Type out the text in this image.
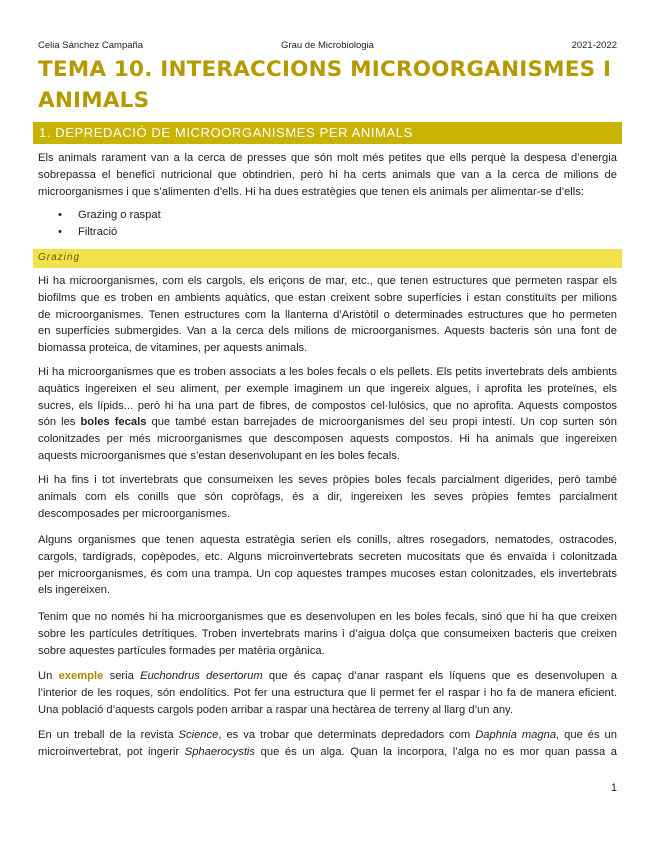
Celia Sánchez Campaña	Grau de Microbiologia	2021-2022
TEMA 10. INTERACCIONS MICROORGANISMES I
ANIMALS
1. DEPREDACIÓ DE MICROORGANISMES PER ANIMALS

Els animals rarament van a la cerca de presses que són molt més petites que ells perquè la despesa d’energia
sobrepassa el benefici nutricional que obtindrien, però hi ha certs animals que van a la cerca de milions de
microorganismes i que s’alimenten d’ells. Hi ha dues estratègies que tenen els animals per alimentar-se d’ells:

• Grazing o raspat
• Filtració
Grazing

Hi ha microorganismes, com els cargols, els eriçons de mar, etc., que tenen estructures que permeten raspar els
biofilms que es troben en ambients aquàtics, que estan creixent sobre superfícies i estan constituïts per milions
de microorganismes. Tenen estructures com la llanterna d’Aristòtil o determinades estructures que ho permeten
en superfícies submergides. Van a la cerca dels milions de microorganismes. Aquests bacteris són una font de
biomassa proteica, de vitamines, per aquests animals.

Hi ha microorganismes que es troben associats a les boles fecals o els pellets. Els petits invertebrats dels ambients
aquàtics ingereixen el seu aliment, per exemple imaginem un que ingereix algues, i aprofita les proteïnes, els
sucres, els lípids... però hi ha una part de fibres, de compostos cel·lulòsics, que no aprofita. Aquests compostos
són les boles fecals que també estan barrejades de microorganismes del seu propi intestí. Un cop surten són
colonitzades per més microorganismes que descomposen aquests compostos. Hi ha animals que ingereixen
aquests microorganismes que s’estan desenvolupant en les boles fecals.

Hi ha fins i tot invertebrats que consumeixen les seves pròpies boles fecals parcialment digerides, però també
animals com els conills que són copròfags, és a dir, ingereixen les seves pròpies femtes parcialment
descomposades per microorganismes.

Alguns organismes que tenen aquesta estratègia serien els conills, altres rosegadors, nematodes, ostracodes,
cargols, tardígrads, copèpodes, etc. Alguns microinvertebrats secreten mucositats que és envaïda i colonitzada
per microorganismes, és com una trampa. Un cop aquestes trampes mucoses estan colonitzades, els invertebrats
els ingereixen.

Tenim que no només hi ha microorganismes que es desenvolupen en les boles fecals, sinó que hi ha que creixen
sobre les partícules detrítiques. Troben invertebrats marins i d’aigua dolça que consumeixen bacteris que creixen
sobre aquestes partícules formades per matèria orgànica.

Un exemple seria Euchondrus desertorum que és capaç d’anar raspant els líquens que es desenvolupen a
l’interior de les roques, són endolítics. Pot fer una estructura que li permet fer el raspar i ho fa de manera eficient.
Una població d’aquests cargols poden arribar a raspar una hectàrea de terreny al llarg d’un any.

En un treball de la revista Science, es va trobar que determinats depredadors com Daphnia magna, que és un
microinvertebrat, pot ingerir Sphaerocystis que és un alga. Quan la incorpora, l’alga no es mor quan passa a

1
